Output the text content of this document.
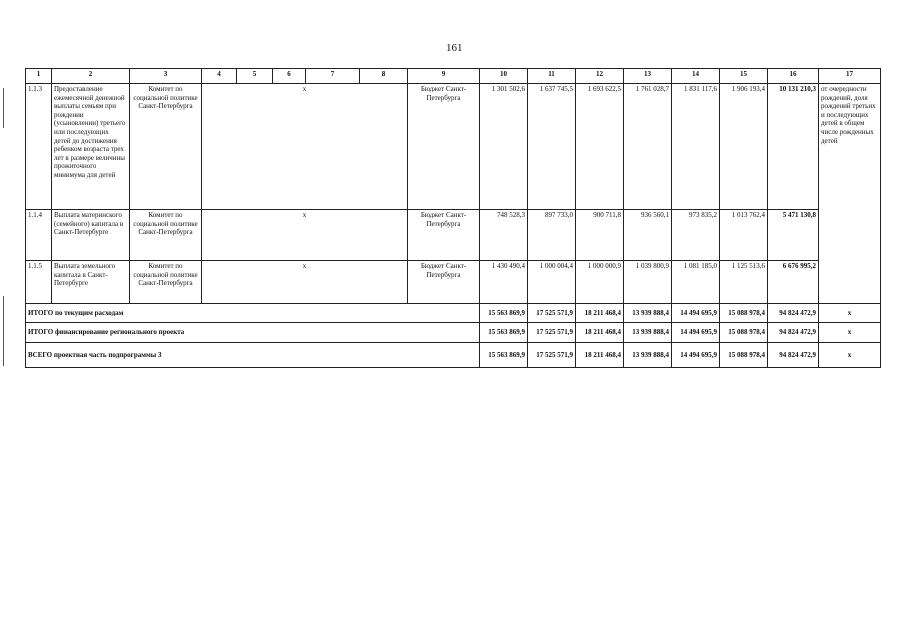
161
1	2	3	4	5	6	7	8	9	10	11	12	13	14	15	16	17
1.1.3	Предоставление ежемесячной денежной выплаты семьям при рождении (усыновлении) третьего или последующих детей до достижения ребенком возраста трех лет в размере величины прожиточного минимума для детей	Комитет по социальной политике Санкт-Петербурга	х					Бюджет Санкт-Петербурга	1 301 502,6	1 637 745,5	1 693 622,5	1 761 028,7	1 831 117,6	1 906 193,4	10 131 210,3	от очередности рождений, доля рождений третьих и последующих детей в общем числе рожденных детей
1.1.4	Выплата материнского (семейного) капитала в Санкт-Петербурге	Комитет по социальной политике Санкт-Петербурга	х					Бюджет Санкт-Петербурга	748 528,3	897 733,0	900 711,8	936 560,1	973 835,2	1 013 762,4	5 471 130,8	
1.1.5	Выплата земельного капитала в Санкт-Петербурге	Комитет по социальной политике Санкт-Петербурга	х					Бюджет Санкт-Петербурга	1 430 490,4	1 000 004,4	1 000 000,9	1 039 800,9	1 081 185,0	1 125 513,6	6 676 995,2	
ИТОГО по текущим расходам									15 563 869,9	17 525 571,9	18 211 468,4	13 939 888,4	14 494 695,9	15 088 978,4	94 824 472,9	х
ИТОГО финансирование регионального проекта									15 563 869,9	17 525 571,9	18 211 468,4	13 939 888,4	14 494 695,9	15 088 978,4	94 824 472,9	х
ВСЕГО проектная часть подпрограммы 3									15 563 869,9	17 525 571,9	18 211 468,4	13 939 888,4	14 494 695,9	15 088 978,4	94 824 472,9	х
